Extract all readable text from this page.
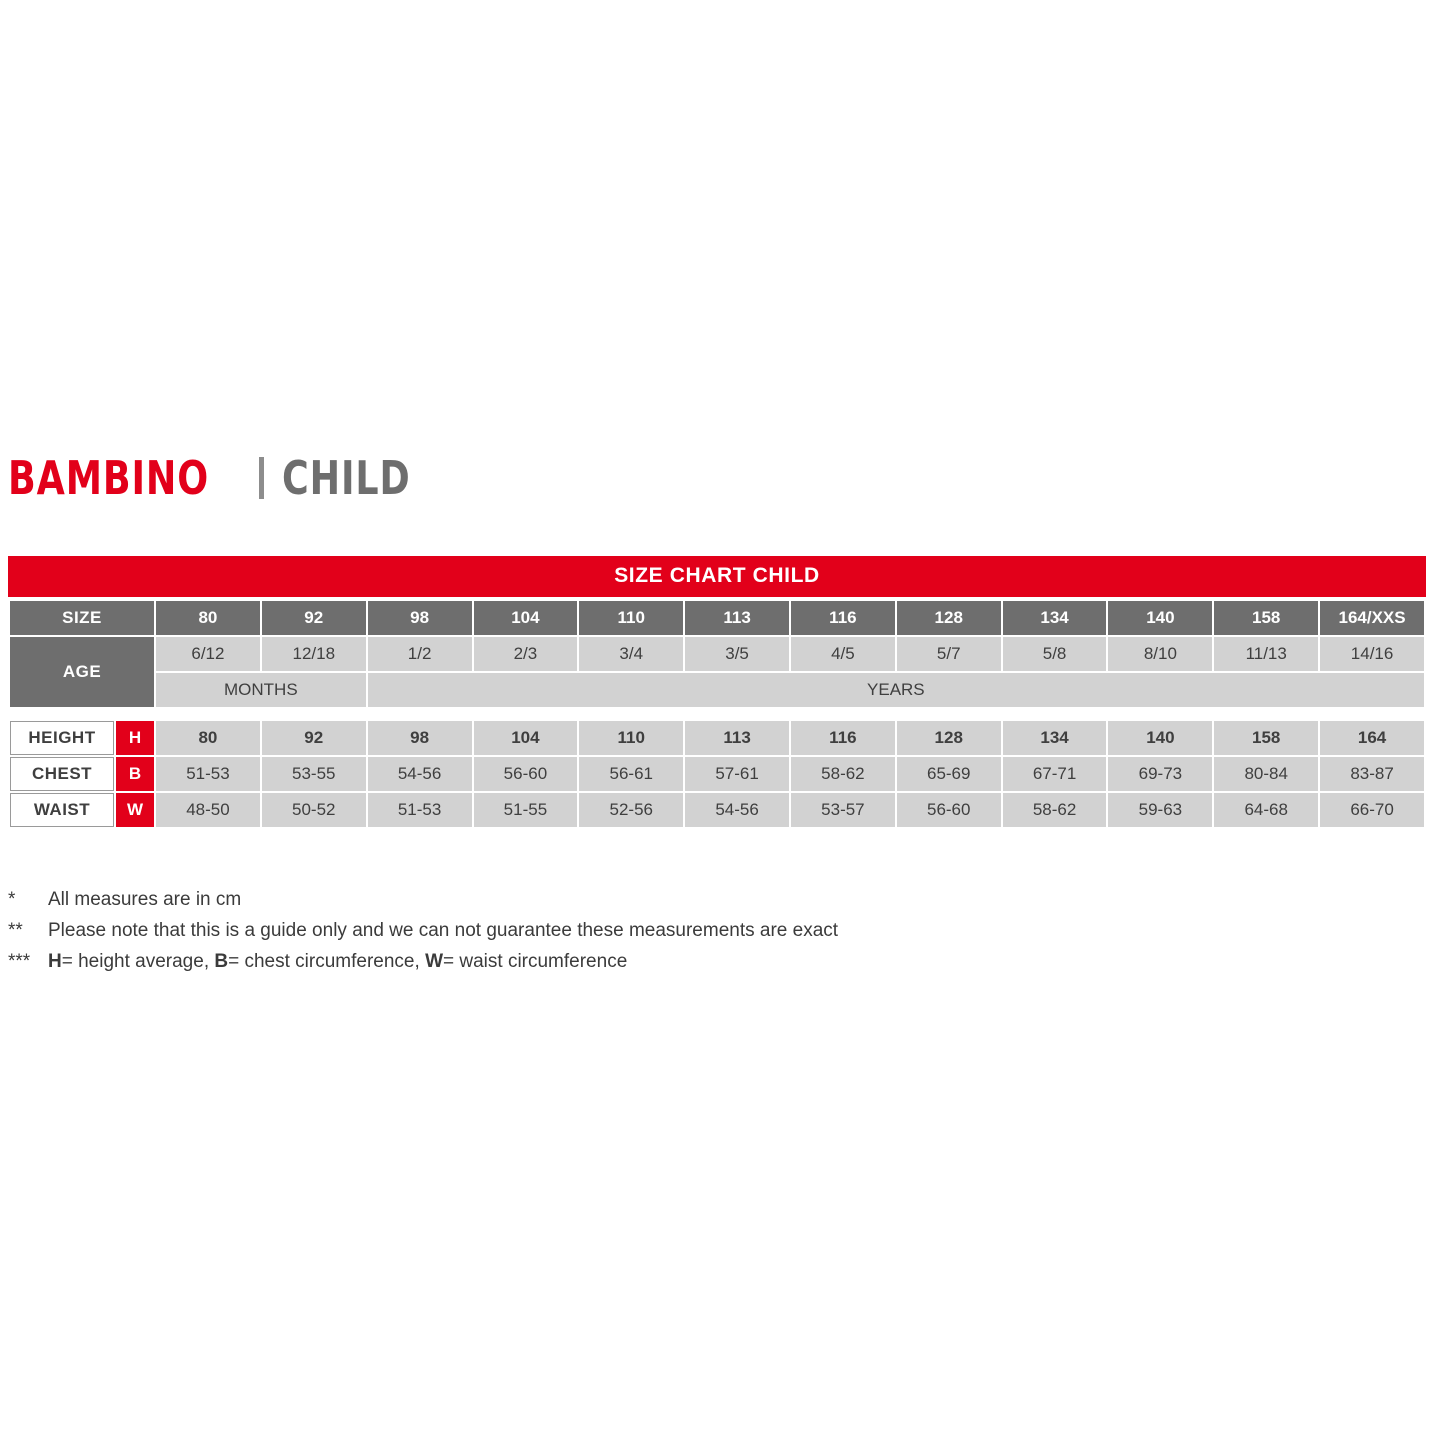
BAMBINO CHILD
SIZE CHART CHILD
SIZE		80	92	98	104	110	113	116	128	134	140	158	164/XXS
AGE		6/12	12/18	1/2	2/3	3/4	3/5	4/5	5/7	5/8	8/10	11/13	14/16
		MONTHS		YEARS									

HEIGHT	H	80	92	98	104	110	113	116	128	134	140	158	164
CHEST	B	51-53	53-55	54-56	56-60	56-61	57-61	58-62	65-69	67-71	69-73	80-84	83-87
WAIST	W	48-50	50-52	51-53	51-55	52-56	54-56	53-57	56-60	58-62	59-63	64-68	66-70
*	All measures are in cm
**	Please note that this is a guide only and we can not guarantee these measurements are exact
*** H= height average, B= chest circumference, W= waist circumference
